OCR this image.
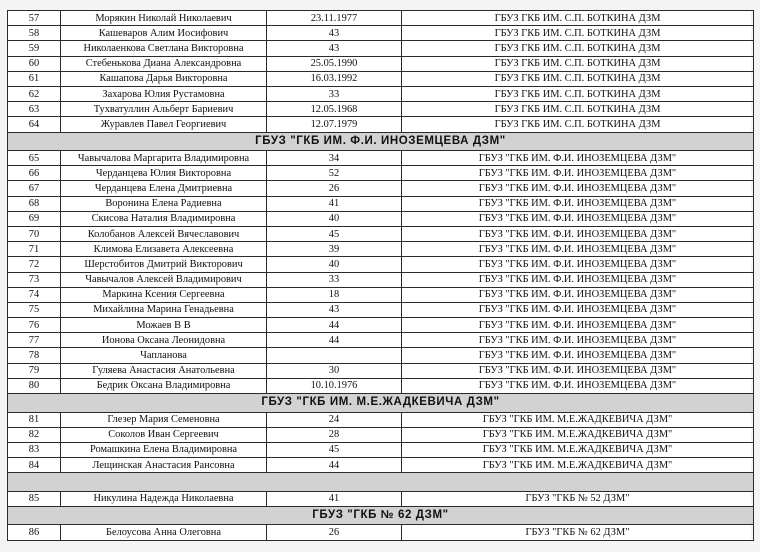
57	Морякин Николай Николаевич	23.11.1977	ГБУЗ ГКБ ИМ. С.П. БОТКИНА ДЗМ
58	Кашеваров Алим Иосифович	43	ГБУЗ ГКБ ИМ. С.П. БОТКИНА ДЗМ
59	Николаенкова Светлана Викторовна	43	ГБУЗ ГКБ ИМ. С.П. БОТКИНА ДЗМ
60	Стебенькова Диана Александровна	25.05.1990	ГБУЗ ГКБ ИМ. С.П. БОТКИНА ДЗМ
61	Кашапова Дарья Викторовна	16.03.1992	ГБУЗ ГКБ ИМ. С.П. БОТКИНА ДЗМ
62	Захарова Юлия Рустамовна	33	ГБУЗ ГКБ ИМ. С.П. БОТКИНА ДЗМ
63	Тухватуллин Альберт Бариевич	12.05.1968	ГБУЗ ГКБ ИМ. С.П. БОТКИНА ДЗМ
64	Журавлев Павел Георгиевич	12.07.1979	ГБУЗ ГКБ ИМ. С.П. БОТКИНА ДЗМ
ГБУЗ "ГКБ ИМ. Ф.И. ИНОЗЕМЦЕВА ДЗМ"			
65	Чавычалова Маргарита Владимировна	34	ГБУЗ "ГКБ ИМ. Ф.И. ИНОЗЕМЦЕВА ДЗМ"
66	Черданцева Юлия Викторовна	52	ГБУЗ "ГКБ ИМ. Ф.И. ИНОЗЕМЦЕВА ДЗМ"
67	Черданцева Елена Дмитриевна	26	ГБУЗ "ГКБ ИМ. Ф.И. ИНОЗЕМЦЕВА ДЗМ"
68	Воронина Елена Радиевна	41	ГБУЗ "ГКБ ИМ. Ф.И. ИНОЗЕМЦЕВА ДЗМ"
69	Скисова Наталия Владимировна	40	ГБУЗ "ГКБ ИМ. Ф.И. ИНОЗЕМЦЕВА ДЗМ"
70	Колобанов Алексей Вячеславович	45	ГБУЗ "ГКБ ИМ. Ф.И. ИНОЗЕМЦЕВА ДЗМ"
71	Климова Елизавета Алексеевна	39	ГБУЗ "ГКБ ИМ. Ф.И. ИНОЗЕМЦЕВА ДЗМ"
72	Шерстобитов Дмитрий Викторович	40	ГБУЗ "ГКБ ИМ. Ф.И. ИНОЗЕМЦЕВА ДЗМ"
73	Чавычалов Алексей Владимирович	33	ГБУЗ "ГКБ ИМ. Ф.И. ИНОЗЕМЦЕВА ДЗМ"
74	Маркина Ксения Сергеевна	18	ГБУЗ "ГКБ ИМ. Ф.И. ИНОЗЕМЦЕВА ДЗМ"
75	Михайлина Марина Генадьевна	43	ГБУЗ "ГКБ ИМ. Ф.И. ИНОЗЕМЦЕВА ДЗМ"
76	Можаев В В	44	ГБУЗ "ГКБ ИМ. Ф.И. ИНОЗЕМЦЕВА ДЗМ"
77	Ионова Оксана Леонидовна	44	ГБУЗ "ГКБ ИМ. Ф.И. ИНОЗЕМЦЕВА ДЗМ"
78	Чапланова		ГБУЗ "ГКБ ИМ. Ф.И. ИНОЗЕМЦЕВА ДЗМ"
79	Гуляева Анастасия Анатольевна	30	ГБУЗ "ГКБ ИМ. Ф.И. ИНОЗЕМЦЕВА ДЗМ"
80	Бедрик Оксана Владимировна	10.10.1976	ГБУЗ "ГКБ ИМ. Ф.И. ИНОЗЕМЦЕВА ДЗМ"
ГБУЗ "ГКБ ИМ. М.Е.ЖАДКЕВИЧА ДЗМ"			
81	Глезер Мария Семеновна	24	ГБУЗ "ГКБ ИМ. М.Е.ЖАДКЕВИЧА ДЗМ"
82	Соколов Иван Сергеевич	28	ГБУЗ "ГКБ ИМ. М.Е.ЖАДКЕВИЧА ДЗМ"
83	Ромашкина Елена Владимировна	45	ГБУЗ "ГКБ ИМ. М.Е.ЖАДКЕВИЧА ДЗМ"
84	Лещинская Анастасия Рансовна	44	ГБУЗ "ГКБ ИМ. М.Е.ЖАДКЕВИЧА ДЗМ"

85	Никулина Надежда Николаевна	41	ГБУЗ "ГКБ № 52 ДЗМ"
ГБУЗ "ГКБ № 62 ДЗМ"			
86	Белоусова Анна Олеговна	26	ГБУЗ "ГКБ № 62 ДЗМ"
